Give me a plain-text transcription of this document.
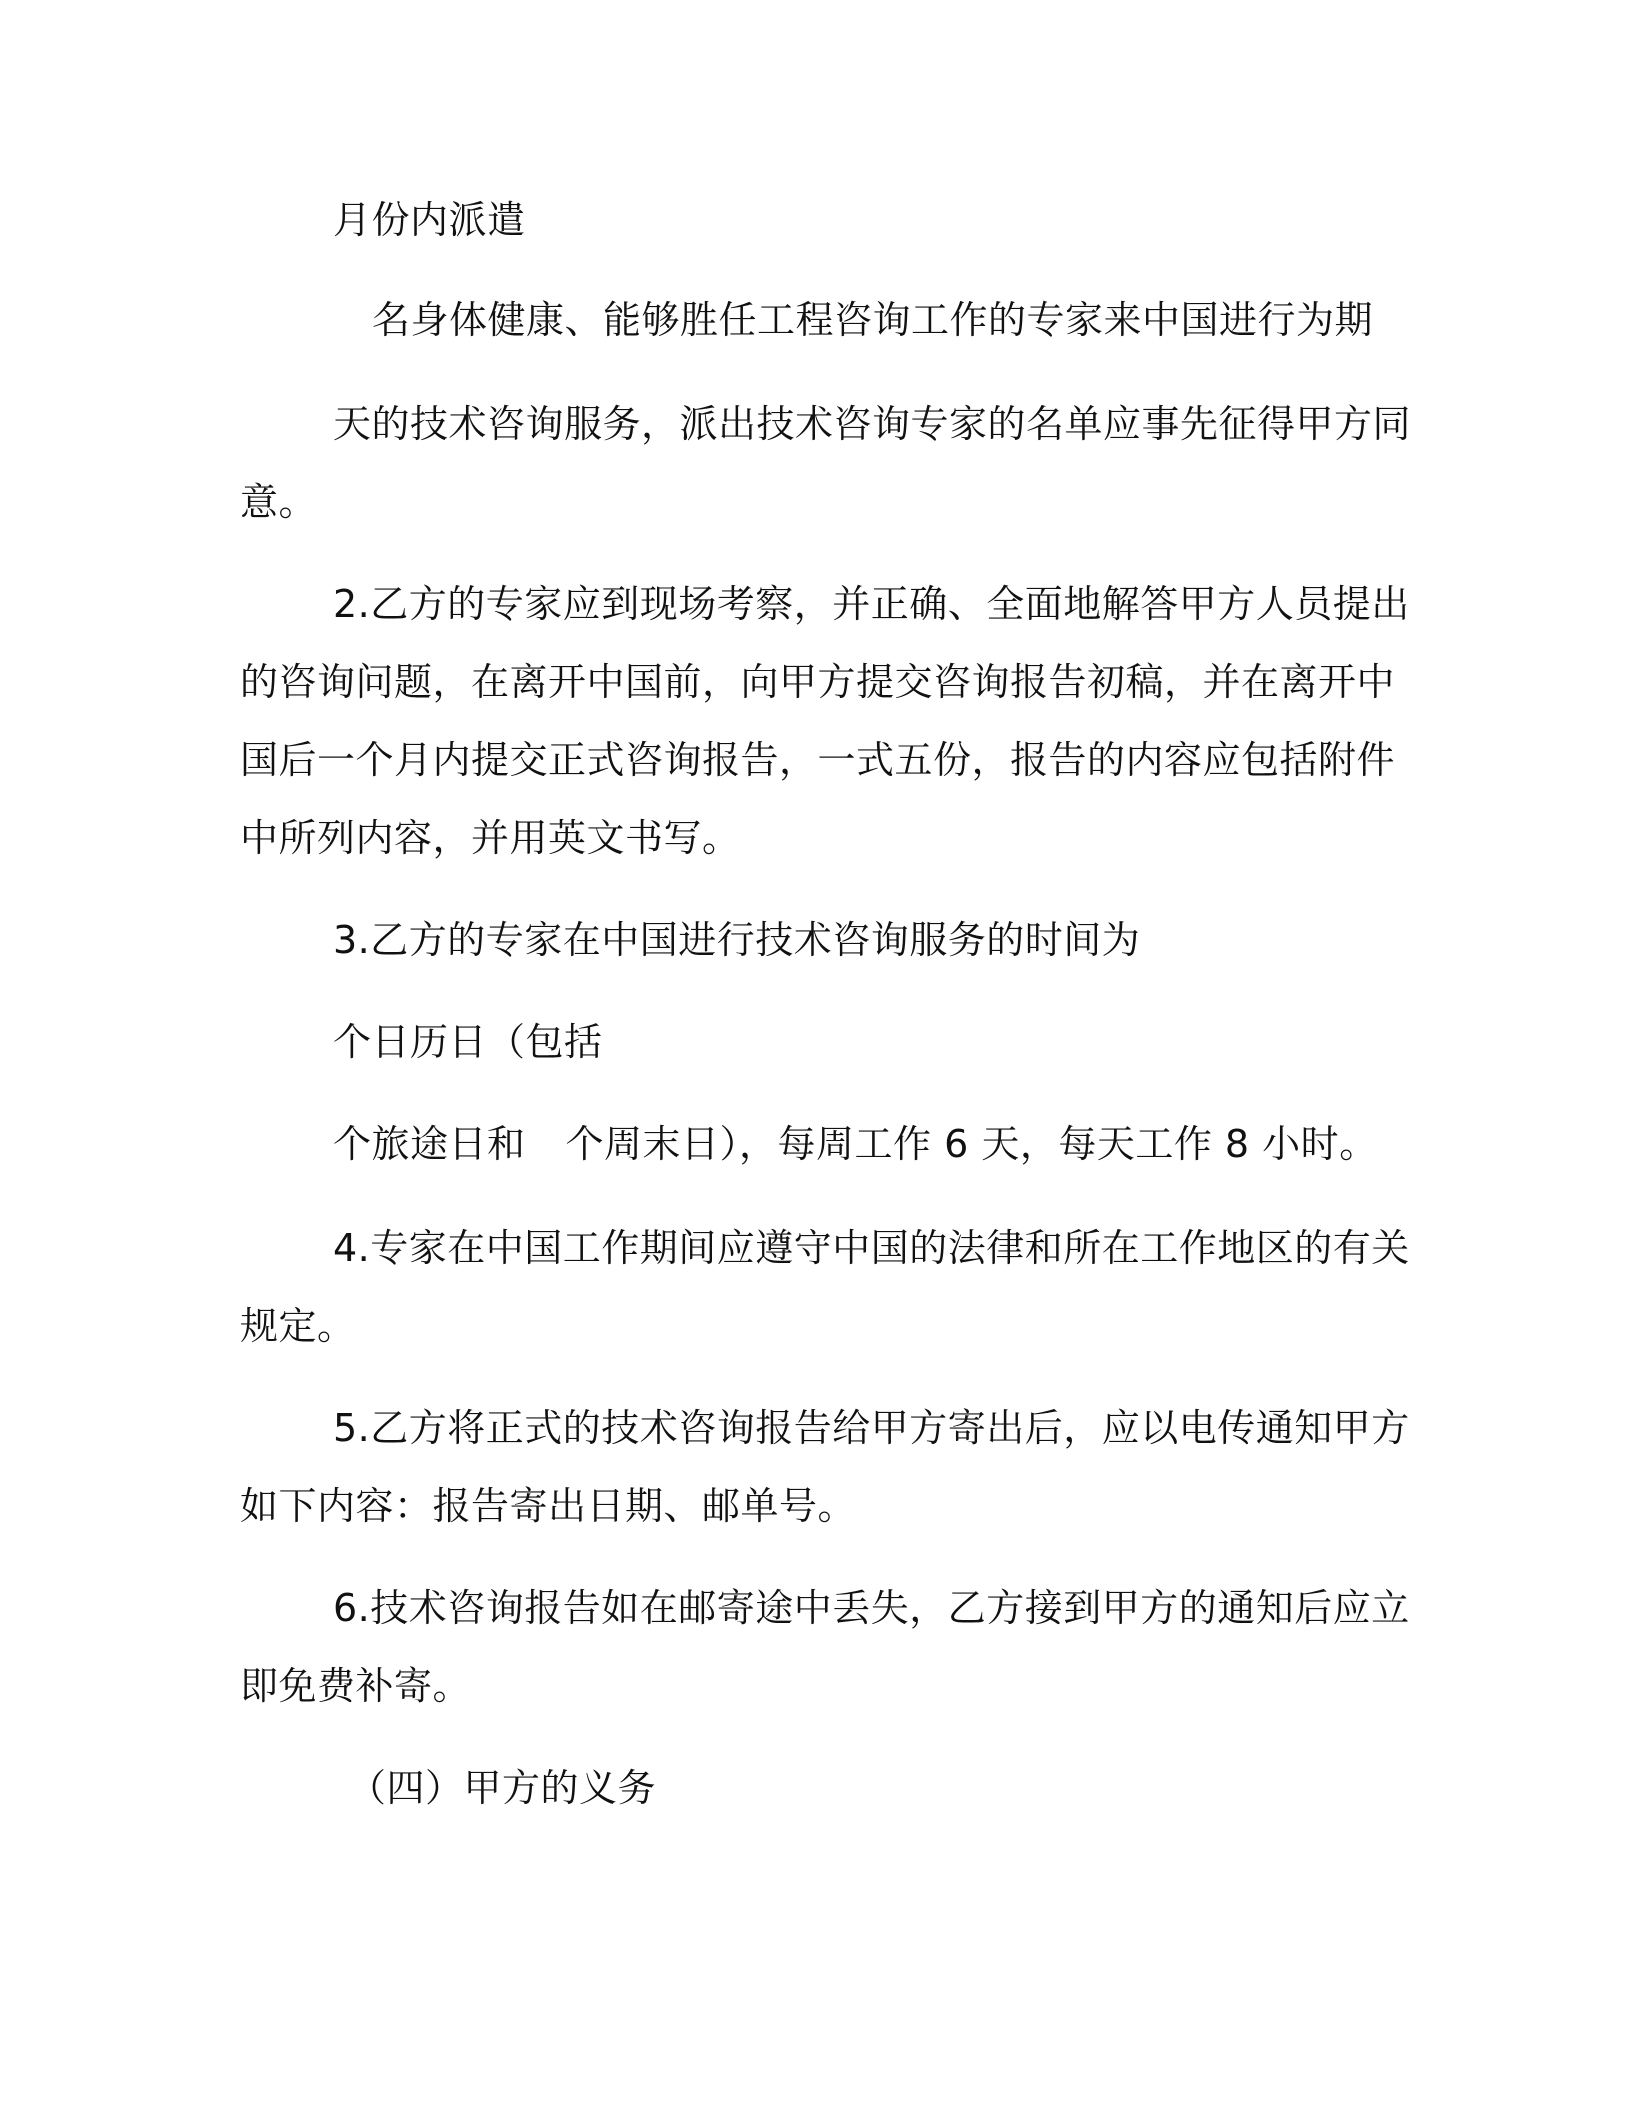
月份内派遣
名身体健康、能够胜任工程咨询工作的专家来中国进行为期
天的技术咨询服务，派出技术咨询专家的名单应事先征得甲方同
意。
2.乙方的专家应到现场考察，并正确、全面地解答甲方人员提出
的咨询问题，在离开中国前，向甲方提交咨询报告初稿，并在离开中
国后一个月内提交正式咨询报告，一式五份，报告的内容应包括附件
中所列内容，并用英文书写。
3.乙方的专家在中国进行技术咨询服务的时间为
个日历日（包括
个旅途日和 个周末日），每周工作 6 天，每天工作 8 小时。
4.专家在中国工作期间应遵守中国的法律和所在工作地区的有关
规定。
5.乙方将正式的技术咨询报告给甲方寄出后，应以电传通知甲方
如下内容：报告寄出日期、邮单号。
6.技术咨询报告如在邮寄途中丢失，乙方接到甲方的通知后应立
即免费补寄。
（四）甲方的义务
